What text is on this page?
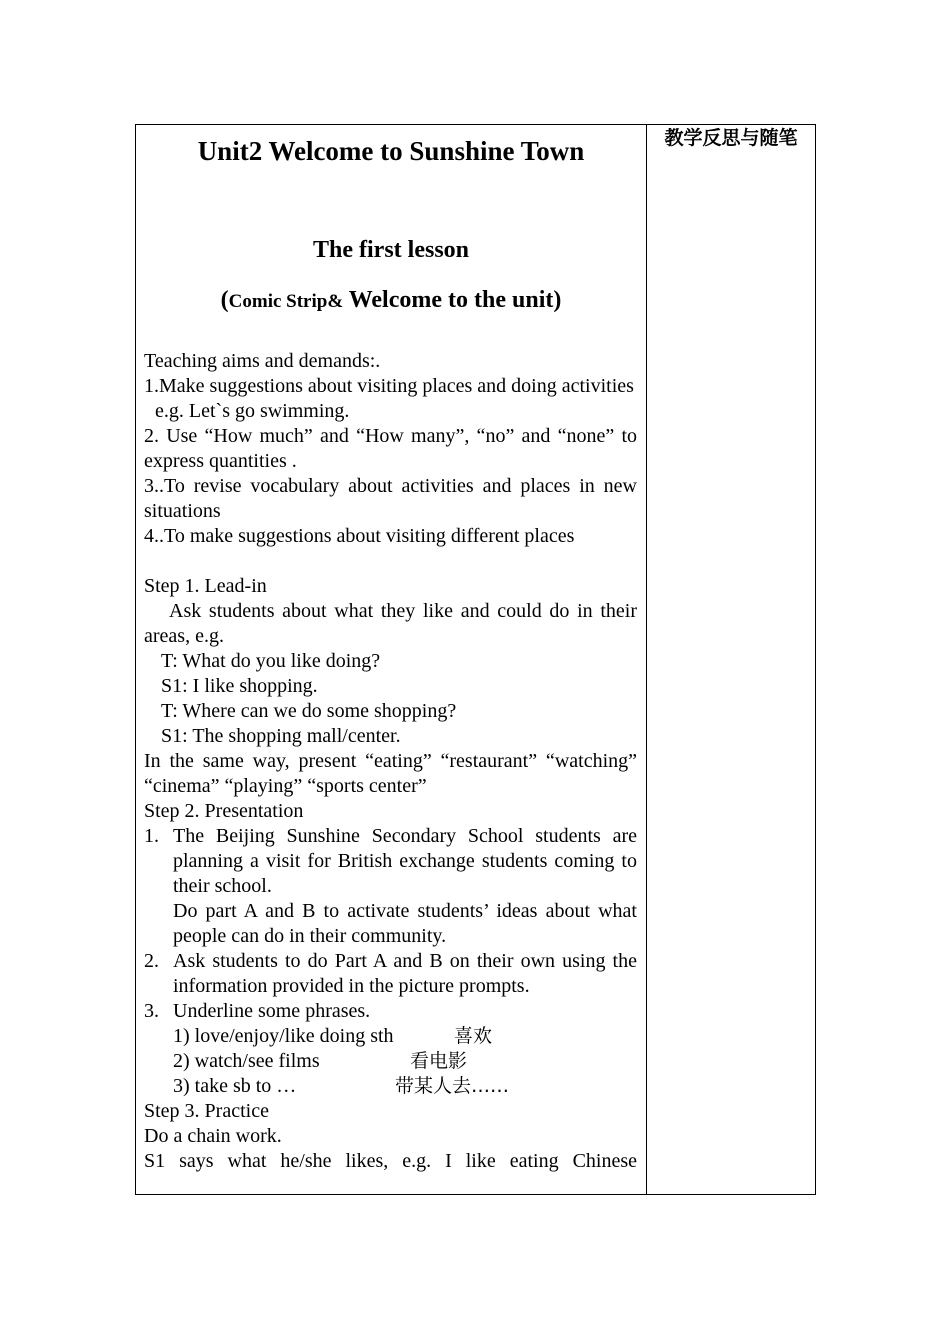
Unit2 Welcome to Sunshine Town
The first lesson
(Comic Strip& Welcome to the unit)
Teaching aims and demands:.
1.Make suggestions about visiting places and doing activities
e.g. Let`s go swimming.
2. Use “How much” and “How many”, “no” and “none” to express quantities .
3..To revise vocabulary about activities and places in new situations
4..To make suggestions about visiting different places
Step 1. Lead-in
Ask students about what they like and could do in their areas, e.g.
T: What do you like doing?
S1: I like shopping.
T: Where can we do some shopping?
S1: The shopping mall/center.
In the same way, present “eating” “restaurant” “watching” “cinema” “playing” “sports center”
Step 2. Presentation
1. The Beijing Sunshine Secondary School students are planning a visit for British exchange students coming to their school.
Do part A and B to activate students’ ideas about what people can do in their community.
2. Ask students to do Part A and B on their own using the information provided in the picture prompts.
3. Underline some phrases.
1) love/enjoy/like doing sth	喜欢
2) watch/see films	看电影
3) take sb to …	带某人去……
Step 3. Practice
Do a chain work.
S1 says what he/she likes, e.g. I like eating Chinese
教学反思与随笔
